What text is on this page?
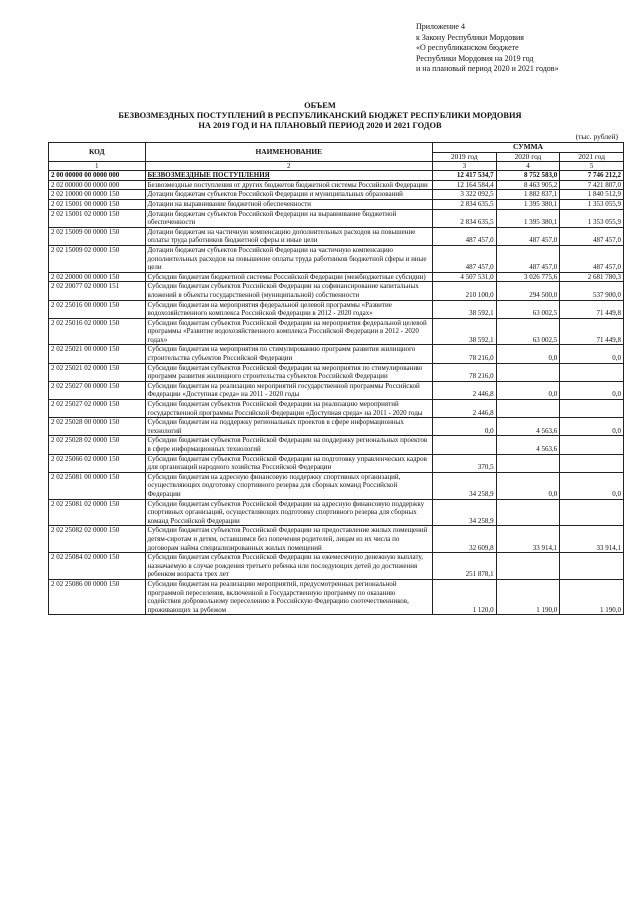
Приложение 4
к Закону Республики Мордовия
«О республиканском бюджете
Республики Мордовия на 2019 год
и на плановый период 2020 и 2021 годов»
ОБЪЕМ
БЕЗВОЗМЕЗДНЫХ ПОСТУПЛЕНИЙ В РЕСПУБЛИКАНСКИЙ БЮДЖЕТ РЕСПУБЛИКИ МОРДОВИЯ
НА 2019 ГОД И НА ПЛАНОВЫЙ ПЕРИОД 2020 И 2021 ГОДОВ
(тыс. рублей)
КОД	НАИМЕНОВАНИЕ	СУММА		
		2019 год	2020 год	2021 год
1	2	3	4	5
2 00 00000 00 0000 000	БЕЗВОЗМЕЗДНЫЕ ПОСТУПЛЕНИЯ	12 417 534,7	8 752 583,0	7 746 212,2
2 02 00000 00 0000 000	Безвозмездные поступления от других бюджетов бюджетной системы Российской Федерации	12 164 584,4	8 463 905,2	7 421 807,0
2 02 10000 00 0000 150	Дотации бюджетам субъектов Российской Федерации и муниципальных образований	3 322 092,5	1 882 837,1	1 840 512,9
2 02 15001 00 0000 150	Дотации на выравнивание бюджетной обеспеченности	2 834 635,5	1 395 380,1	1 353 055,9
2 02 15001 02 0000 150	Дотации бюджетам субъектов Российской Федерации на выравнивание бюджетной обеспеченности	2 834 635,5	1 395 380,1	1 353 055,9
2 02 15009 00 0000 150	Дотации бюджетам на частичную компенсацию дополнительных расходов на повышение оплаты труда работников бюджетной сферы и иные цели	487 457,0	487 457,0	487 457,0
2 02 15009 02 0000 150	Дотации бюджетам субъектов Российской Федерации на частичную компенсацию дополнительных расходов на повышение оплаты труда работников бюджетной сферы и иные цели	487 457,0	487 457,0	487 457,0
2 02 20000 00 0000 150	Субсидии бюджетам бюджетной системы Российской Федерации (межбюджетные субсидии)	4 507 531,0	3 026 775,6	2 681 780,3
2 02 20077 02 0000 151	Субсидии бюджетам субъектов Российской Федерации на софинансирование капитальных вложений в объекты государственной (муниципальной) собственности	210 100,0	294 500,0	537 900,0
2 02 25016 00 0000 150	Субсидии бюджетам на мероприятия федеральной целевой программы «Развитие водохозяйственного комплекса Российской Федерации в 2012 - 2020 годах»	38 592,1	63 002,5	71 449,8
2 02 25016 02 0000 150	Субсидии бюджетам субъектов Российской Федерации на мероприятия федеральной целевой программы «Развитие водохозяйственного комплекса Российской Федерации в 2012 - 2020 годах»	38 592,1	63 002,5	71 449,8
2 02 25021 00 0000 150	Субсидии бюджетам на мероприятия по стимулированию программ развития жилищного строительства субъектов Российской Федерации	78 216,0	0,0	0,0
2 02 25021 02 0000 150	Субсидии бюджетам субъектов Российской Федерации на мероприятия по стимулированию программ развития жилищного строительства субъектов Российской Федерации	78 216,0		
2 02 25027 00 0000 150	Субсидии бюджетам на реализацию мероприятий государственной программы Российской Федерации «Доступная среда» на 2011 - 2020 годы	2 446,8	0,0	0,0
2 02 25027 02 0000 150	Субсидии бюджетам субъектов Российской Федерации на реализацию мероприятий государственной программы Российской Федерации «Доступная среда» на 2011 - 2020 годы	2 446,8		
2 02 25028 00 0000 150	Субсидии бюджетам на поддержку региональных проектов в сфере информационных технологий	0,0	4 563,6	0,0
2 02 25028 02 0000 150	Субсидии бюджетам субъектов Российской Федерации на поддержку региональных проектов в сфере информационных технологий		4 563,6	
2 02 25066 02 0000 150	Субсидии бюджетам субъектов Российской Федерации на подготовку управленческих кадров для организаций народного хозяйства Российской Федерации	370,5		
2 02 25081 00 0000 150	Субсидии бюджетам на адресную финансовую поддержку спортивных организаций, осуществляющих подготовку спортивного резерва для сборных команд Российской Федерации	34 258,9	0,0	0,0
2 02 25081 02 0000 150	Субсидии бюджетам субъектов Российской Федерации на адресную финансовую поддержку спортивных организаций, осуществляющих подготовку спортивного резерва для сборных команд Российской Федерации	34 258,9		
2 02 25082 02 0000 150	Субсидии бюджетам субъектов Российской Федерации на предоставление жилых помещений детям-сиротам и детям, оставшимся без попечения родителей, лицам из их числа по договорам найма специализированных жилых помещений	32 609,8	33 914,1	33 914,1
2 02 25084 02 0000 150	Субсидии бюджетам субъектов Российской Федерации на ежемесячную денежную выплату, назначаемую в случае рождения третьего ребенка или последующих детей до достижения ребенком возраста трех лет	251 878,1		
2 02 25086 00 0000 150	Субсидии бюджетам на реализацию мероприятий, предусмотренных региональной программой переселения, включенной в Государственную программу по оказанию содействия добровольному переселению в Российскую Федерацию соотечественников, проживающих за рубежом	1 120,0	1 190,0	1 190,0
